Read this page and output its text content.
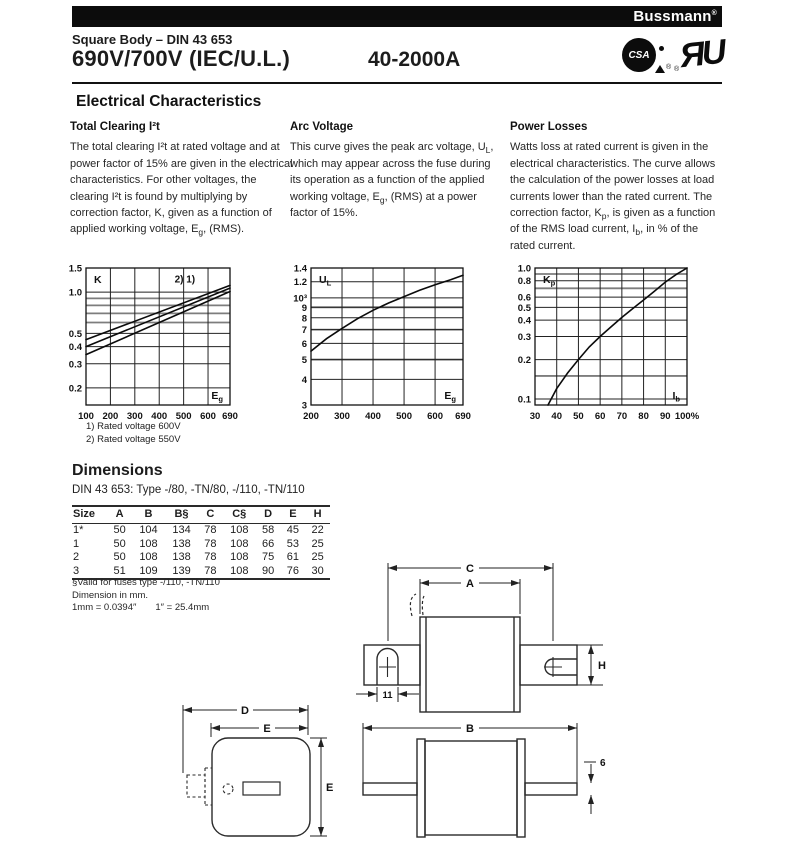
Bussmann®
Square Body – DIN 43 653
690V/700V (IEC/U.L.)	40-2000A	CSA
® ЯU
®
Electrical Characteristics
Total Clearing I²t
The total clearing I²t at rated voltage and at power factor of 15% are given in the electrical characteristics. For other voltages, the clearing I²t is found by multiplying by correction factor, K, given as a function of applied working voltage, $E_g$, (RMS).
Arc Voltage
This curve gives the peak arc voltage, $U_L$, which may appear across the fuse during its operation as a function of the applied working voltage, $E_g$, (RMS) at a power factor of 15%.
Power Losses
Watts loss at rated current is given in the electrical characteristics. The curve allows the calculation of the power losses at load currents lower than the rated current. The correction factor, $K_p$, is given as a function of the RMS load current, $I_b$, in % of the rated current.
1.5
1.0
0.5
0.4
0.3
0.2
100 200 300 400 500 600 690
K
$E_g$
2) 1)
1.4
1.2
10³
9
8
7
6
5
4
3
200 300 400 500 600 690
$U_L$
$E_g$
1.0
0.8
0.6
0.5
0.4
0.3
0.2
0.1
30 40 50 60 70 80 90 100%
$K_p$
$I_b$
1) Rated voltage 600V
2) Rated voltage 550V
Dimensions
DIN 43 653: Type -/80, -TN/80, -/110, -TN/110
Size	A	B	B§	C	C§	D	E	H
1*	50	104	134	78	108	58	45	22
1	50	108	138	78	108	66	53	25
2	50	108	138	78	108	75	61	25
3	51	109	139	78	108	90	76	30
§Valid for fuses type -/110, -TN/110
Dimension in mm.
1mm = 0.0394″  1″ = 25.4mm
C
A
H
11
D
E
E
B
6
